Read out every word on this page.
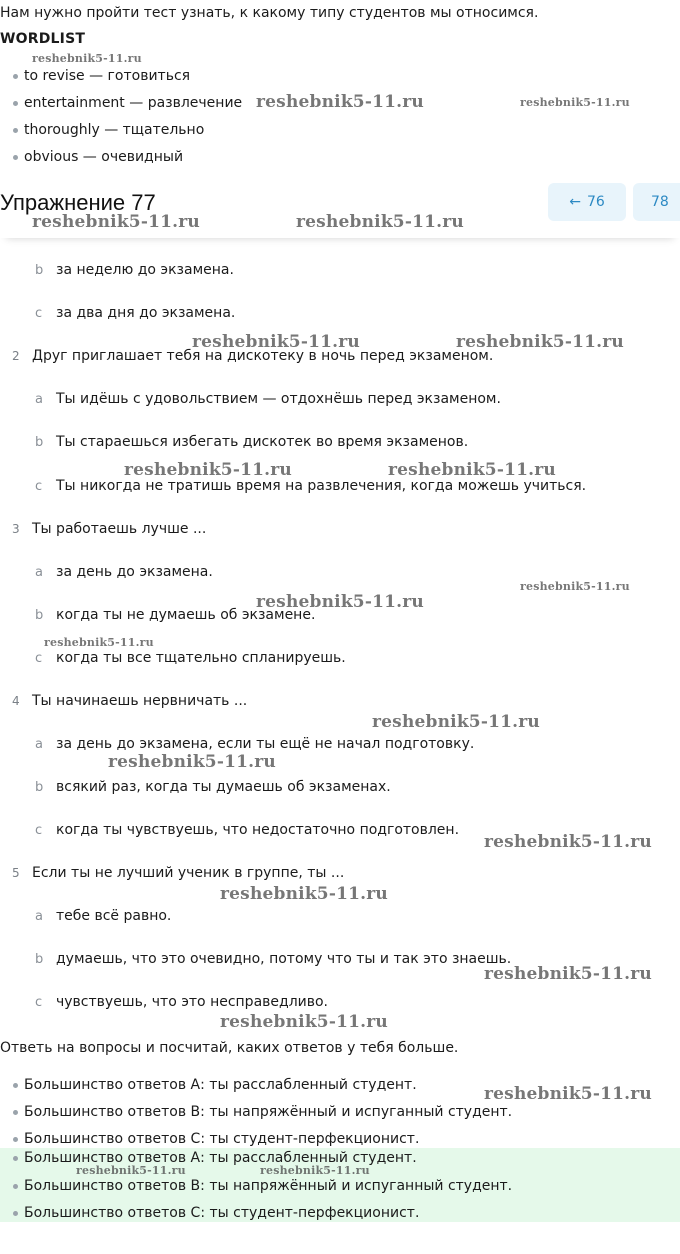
Нам нужно пройти тест узнать, к какому типу студентов мы относимся.
WORDLIST
to revise — готовиться
entertainment — развлечение
thoroughly — тщательно
obvious — очевидный
Упражнение 77	← 76	78
b за неделю до экзамена.
c за два дня до экзамена.
2 Друг приглашает тебя на дискотеку в ночь перед экзаменом.
a Ты идёшь с удовольствием — отдохнёшь перед экзаменом.
b Ты стараешься избегать дискотек во время экзаменов.
c Ты никогда не тратишь время на развлечения, когда можешь учиться.
3 Ты работаешь лучше ...
a за день до экзамена.
b когда ты не думаешь об экзамене.
c когда ты все тщательно спланируешь.
4 Ты начинаешь нервничать ...
a за день до экзамена, если ты ещё не начал подготовку.
b всякий раз, когда ты думаешь об экзаменах.
c когда ты чувствуешь, что недостаточно подготовлен.
5 Если ты не лучший ученик в группе, ты ...
a тебе всё равно.
b думаешь, что это очевидно, потому что ты и так это знаешь.
c чувствуешь, что это несправедливо.
Ответь на вопросы и посчитай, каких ответов у тебя больше.
Большинство ответов А: ты расслабленный студент.
Большинство ответов В: ты напряжённый и испуганный студент.
Большинство ответов С: ты студент-перфекционист.
Большинство ответов А: ты расслабленный студент.
Большинство ответов В: ты напряжённый и испуганный студент.
Большинство ответов С: ты студент-перфекционист.
reshebnik5-11.ru
reshebnik5-11.ru	reshebnik5-11.ru
reshebnik5-11.ru	reshebnik5-11.ru
reshebnik5-11.ru	reshebnik5-11.ru
reshebnik5-11.ru	reshebnik5-11.ru
reshebnik5-11.ru
reshebnik5-11.ru
reshebnik5-11.ru
reshebnik5-11.ru
reshebnik5-11.ru
reshebnik5-11.ru
reshebnik5-11.ru
reshebnik5-11.ru
reshebnik5-11.ru
reshebnik5-11.ru
reshebnik5-11.ru	reshebnik5-11.ru
